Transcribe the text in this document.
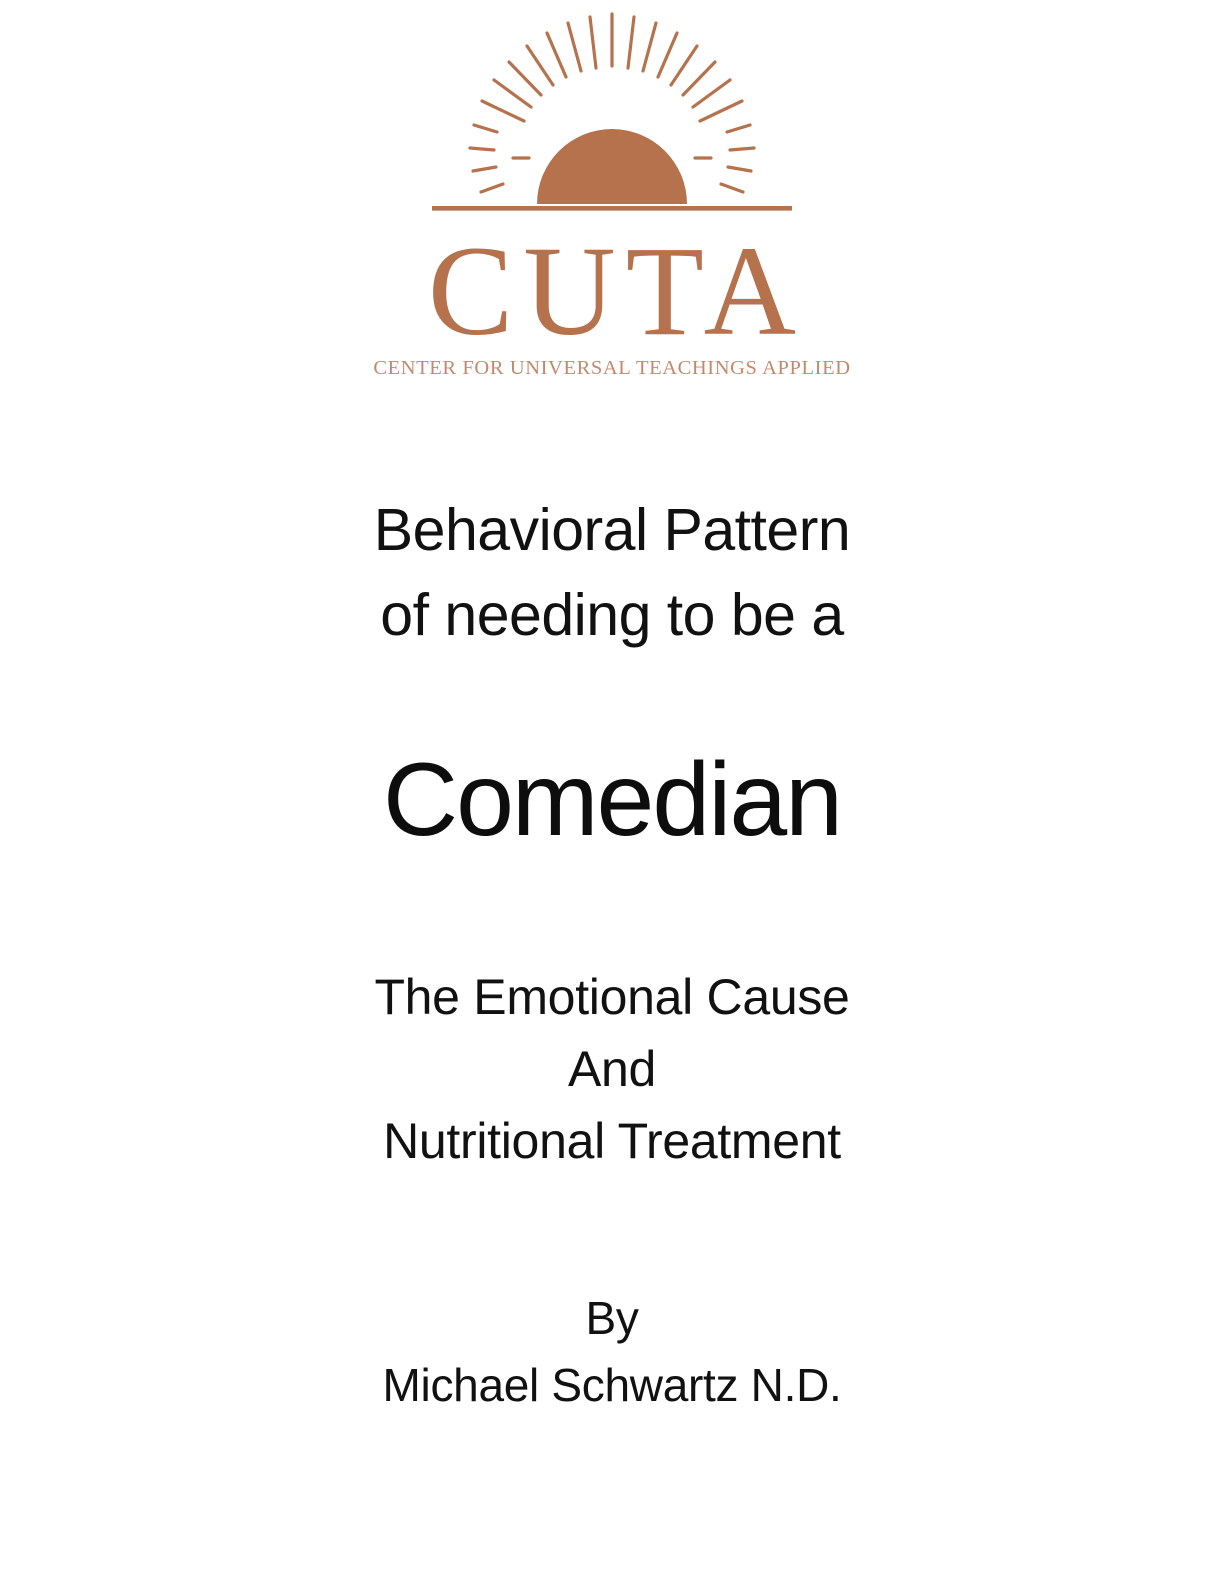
CUTA
CENTER FOR UNIVERSAL TEACHINGS APPLIED
Behavioral Pattern
of needing to be a
Comedian
The Emotional Cause
And
Nutritional Treatment
By
Michael Schwartz N.D.
